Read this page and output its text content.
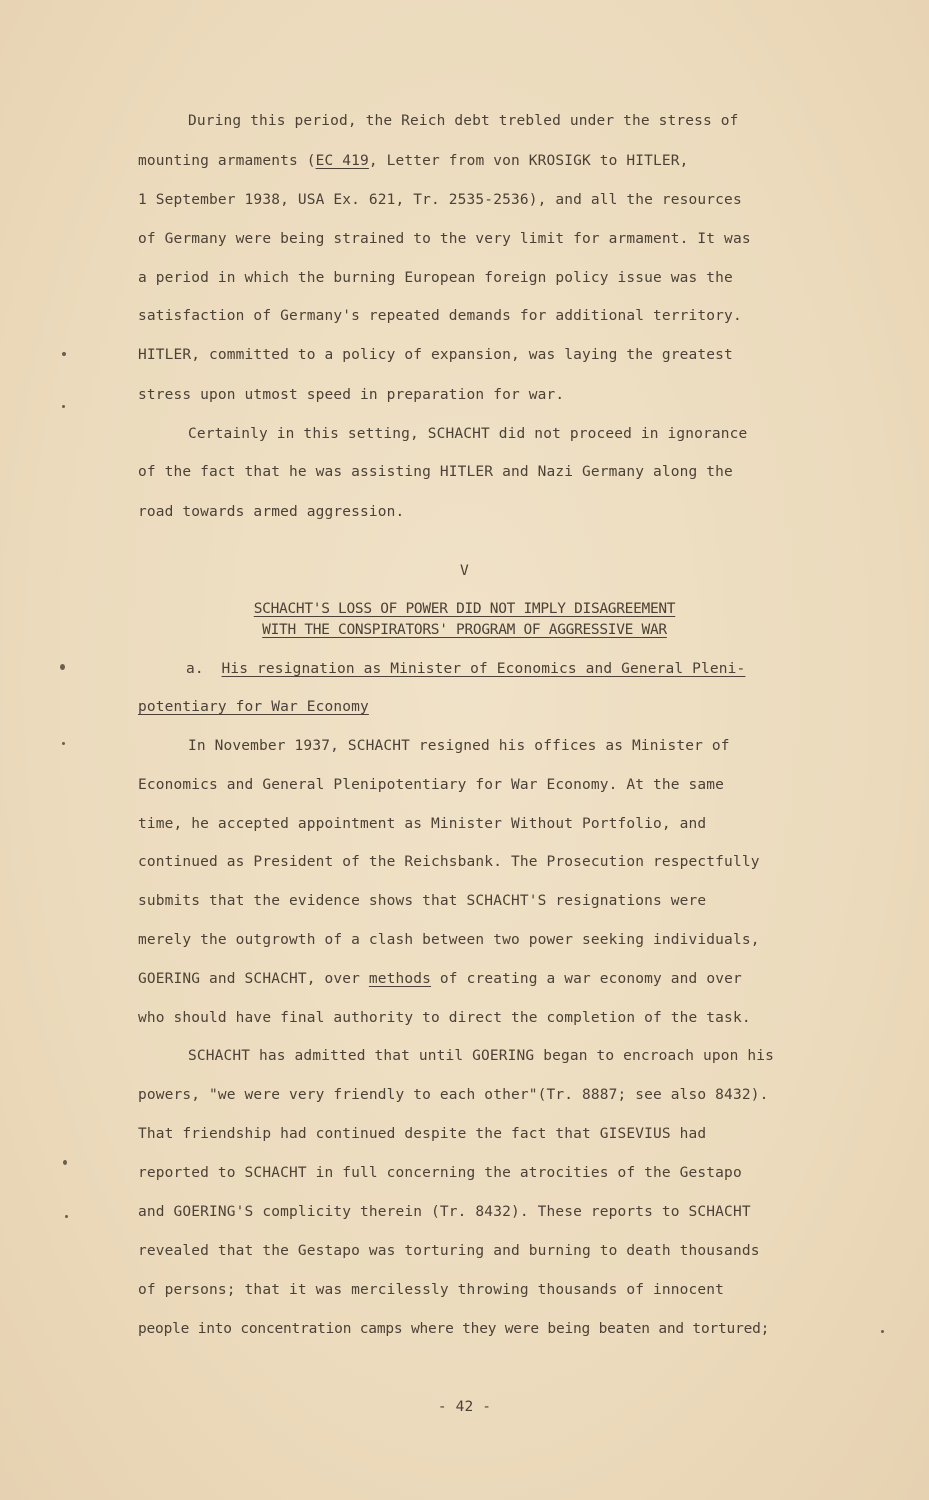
During this period, the Reich debt trebled under the stress of
mounting armaments (EC 419, Letter from von KROSIGK to HITLER,
1 September 1938, USA Ex. 621, Tr. 2535-2536), and all the resources
of Germany were being strained to the very limit for armament. It was
a period in which the burning European foreign policy issue was the
satisfaction of Germany's repeated demands for additional territory.
HITLER, committed to a policy of expansion, was laying the greatest
stress upon utmost speed in preparation for war.
Certainly in this setting, SCHACHT did not proceed in ignorance
of the fact that he was assisting HITLER and Nazi Germany along the
road towards armed aggression.
V
SCHACHT'S LOSS OF POWER DID NOT IMPLY DISAGREEMENT
WITH THE CONSPIRATORS' PROGRAM OF AGGRESSIVE WAR
a. His resignation as Minister of Economics and General Pleni-
potentiary for War Economy
In November 1937, SCHACHT resigned his offices as Minister of
Economics and General Plenipotentiary for War Economy. At the same
time, he accepted appointment as Minister Without Portfolio, and
continued as President of the Reichsbank. The Prosecution respectfully
submits that the evidence shows that SCHACHT'S resignations were
merely the outgrowth of a clash between two power seeking individuals,
GOERING and SCHACHT, over methods of creating a war economy and over
who should have final authority to direct the completion of the task.
SCHACHT has admitted that until GOERING began to encroach upon his
powers, "we were very friendly to each other"(Tr. 8887; see also 8432).
That friendship had continued despite the fact that GISEVIUS had
reported to SCHACHT in full concerning the atrocities of the Gestapo
and GOERING'S complicity therein (Tr. 8432). These reports to SCHACHT
revealed that the Gestapo was torturing and burning to death thousands
of persons; that it was mercilessly throwing thousands of innocent
people into concentration camps where they were being beaten and tortured;
- 42 -
